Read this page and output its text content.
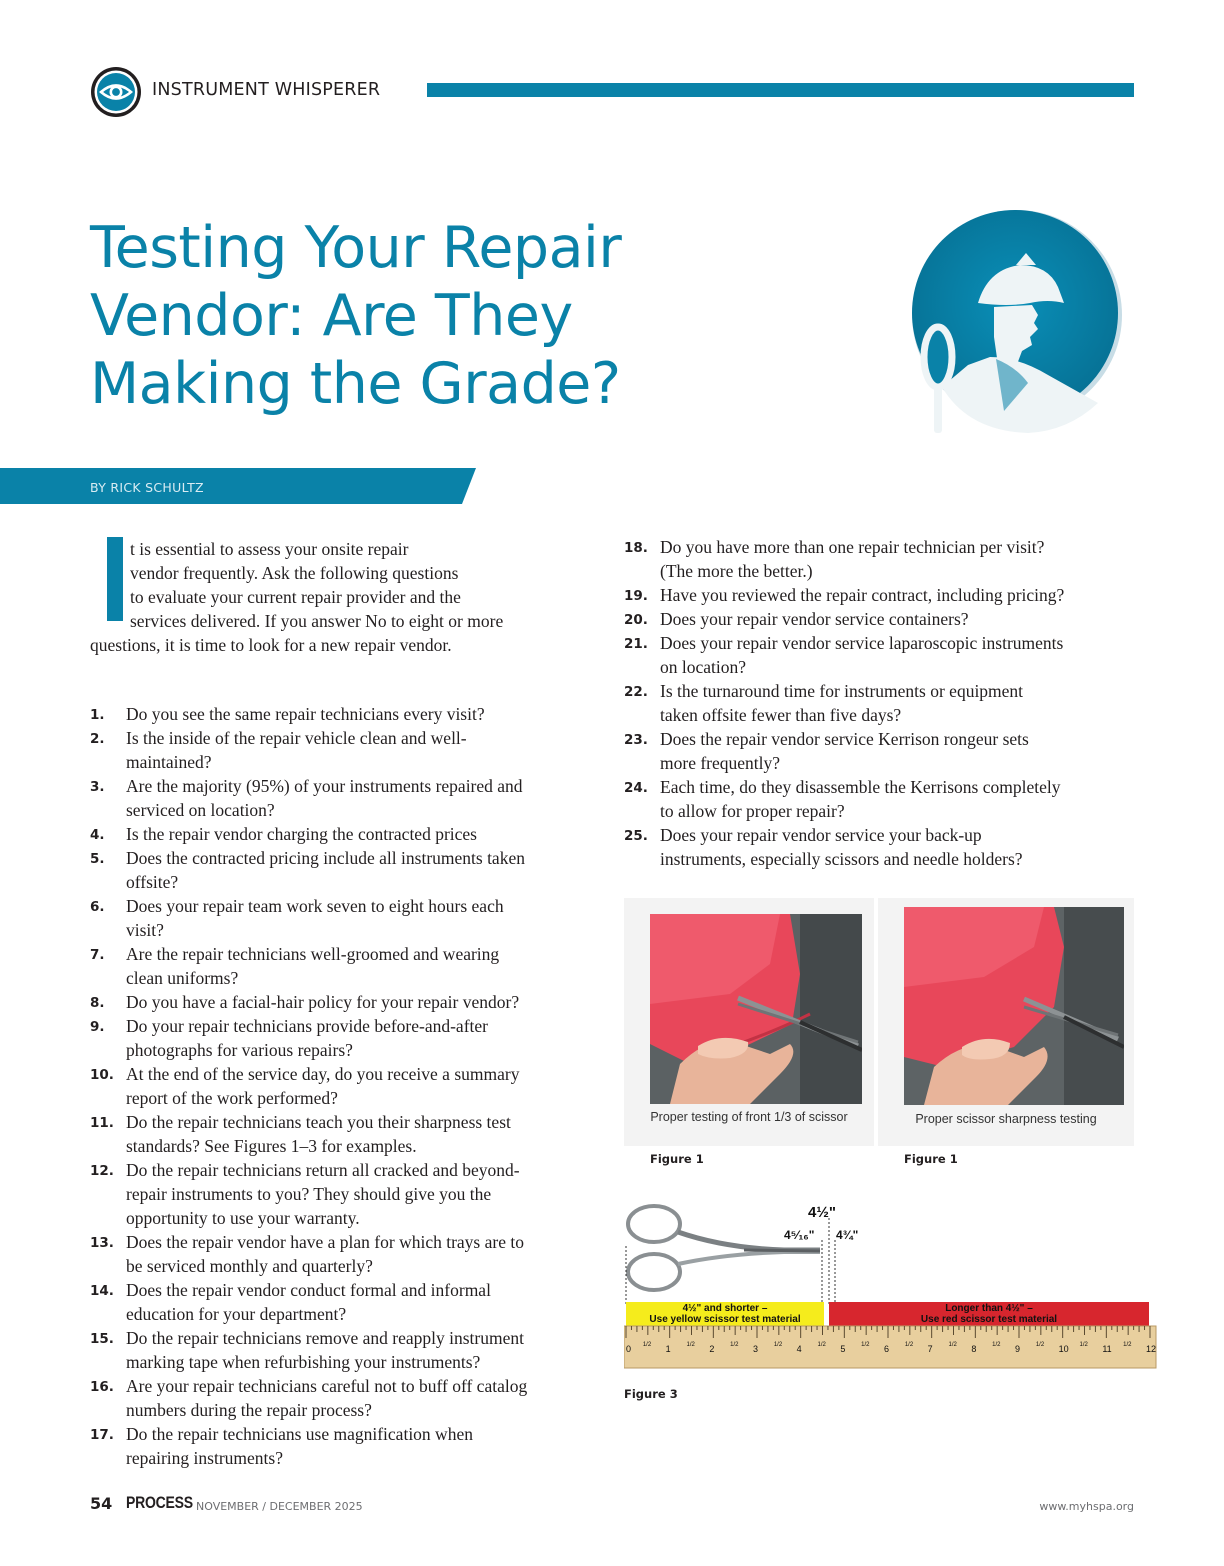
INSTRUMENT WHISPERER
Testing Your Repair Vendor: Are They Making the Grade?
BY RICK SCHULTZ
t is essential to assess your onsite repair
vendor frequently. Ask the following questions
to evaluate your current repair provider and the
services delivered. If you answer No to eight or more
questions, it is time to look for a new repair vendor.
1. Do you see the same repair technicians every visit?
2. Is the inside of the repair vehicle clean and well-
maintained?
3. Are the majority (95%) of your instruments repaired and
serviced on location?
4. Is the repair vendor charging the contracted prices
5. Does the contracted pricing include all instruments taken
offsite?
6. Does your repair team work seven to eight hours each
visit?
7. Are the repair technicians well-groomed and wearing
clean uniforms?
8. Do you have a facial-hair policy for your repair vendor?
9. Do your repair technicians provide before-and-after
photographs for various repairs?
10. At the end of the service day, do you receive a summary
report of the work performed?
11. Do the repair technicians teach you their sharpness test
standards? See Figures 1–3 for examples.
12. Do the repair technicians return all cracked and beyond-
repair instruments to you? They should give you the
opportunity to use your warranty.
13. Does the repair vendor have a plan for which trays are to
be serviced monthly and quarterly?
14. Does the repair vendor conduct formal and informal
education for your department?
15. Do the repair technicians remove and reapply instrument
marking tape when refurbishing your instruments?
16. Are your repair technicians careful not to buff off catalog
numbers during the repair process?
17. Do the repair technicians use magnification when
repairing instruments?
18. Do you have more than one repair technician per visit?
(The more the better.)
19. Have you reviewed the repair contract, including pricing?
20. Does your repair vendor service containers?
21. Does your repair vendor service laparoscopic instruments
on location?
22. Is the turnaround time for instruments or equipment
taken offsite fewer than five days?
23. Does the repair vendor service Kerrison rongeur sets
more frequently?
24. Each time, do they disassemble the Kerrisons completely
to allow for proper repair?
25. Does your repair vendor service your back-up
instruments, especially scissors and needle holders?
Proper testing of front 1/3 of scissor
Figure 1
Proper scissor sharpness testing
Figure 1
4½"
4⁵⁄₁₆" 4¾"
4½" and shorter –
Use yellow scissor test material
Longer than 4½" –
Use red scissor test material
0 1/2 1	1/2 2	1/2 3	1/2 4	1/2 5	1/2 6	1/2 7	1/2 8	1/2 9	1/2 10 1/2 11 1/2 12
Figure 3
54 PROCESS NOVEMBER / DECEMBER 2025	www.myhspa.org
